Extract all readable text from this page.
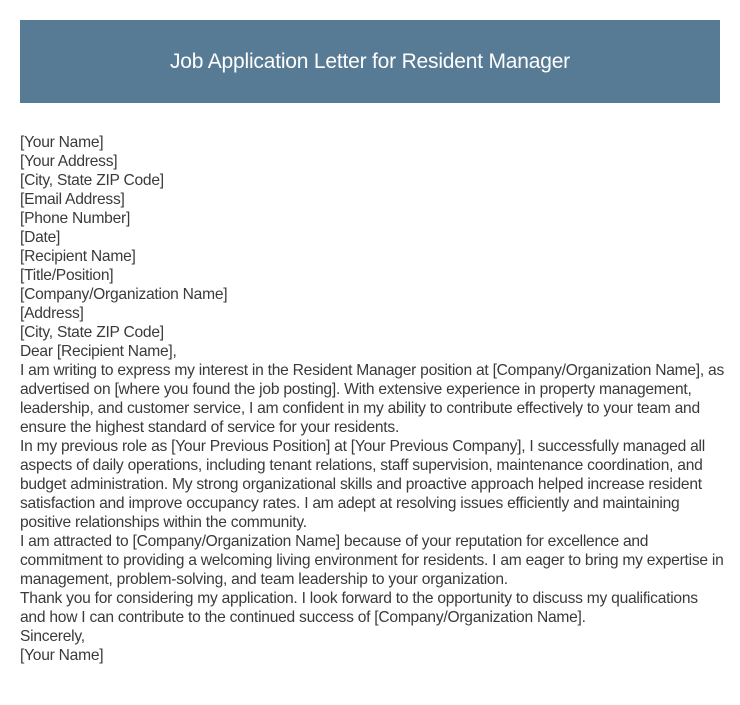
Job Application Letter for Resident Manager

[Your Name]

[Your Address]

[City, State ZIP Code]

[Email Address]

[Phone Number]

[Date]

[Recipient Name]

[Title/Position]

[Company/Organization Name]

[Address]

[City, State ZIP Code]

Dear [Recipient Name],

I am writing to express my interest in the Resident Manager position at [Company/Organization Name], as advertised on [where you found the job posting]. With extensive experience in property management, leadership, and customer service, I am confident in my ability to contribute effectively to your team and ensure the highest standard of service for your residents.

In my previous role as [Your Previous Position] at [Your Previous Company], I successfully managed all aspects of daily operations, including tenant relations, staff supervision, maintenance coordination, and budget administration. My strong organizational skills and proactive approach helped increase resident satisfaction and improve occupancy rates. I am adept at resolving issues efficiently and maintaining positive relationships within the community.

I am attracted to [Company/Organization Name] because of your reputation for excellence and commitment to providing a welcoming living environment for residents. I am eager to bring my expertise in management, problem-solving, and team leadership to your organization.

Thank you for considering my application. I look forward to the opportunity to discuss my qualifications and how I can contribute to the continued success of [Company/Organization Name].

Sincerely,

[Your Name]
